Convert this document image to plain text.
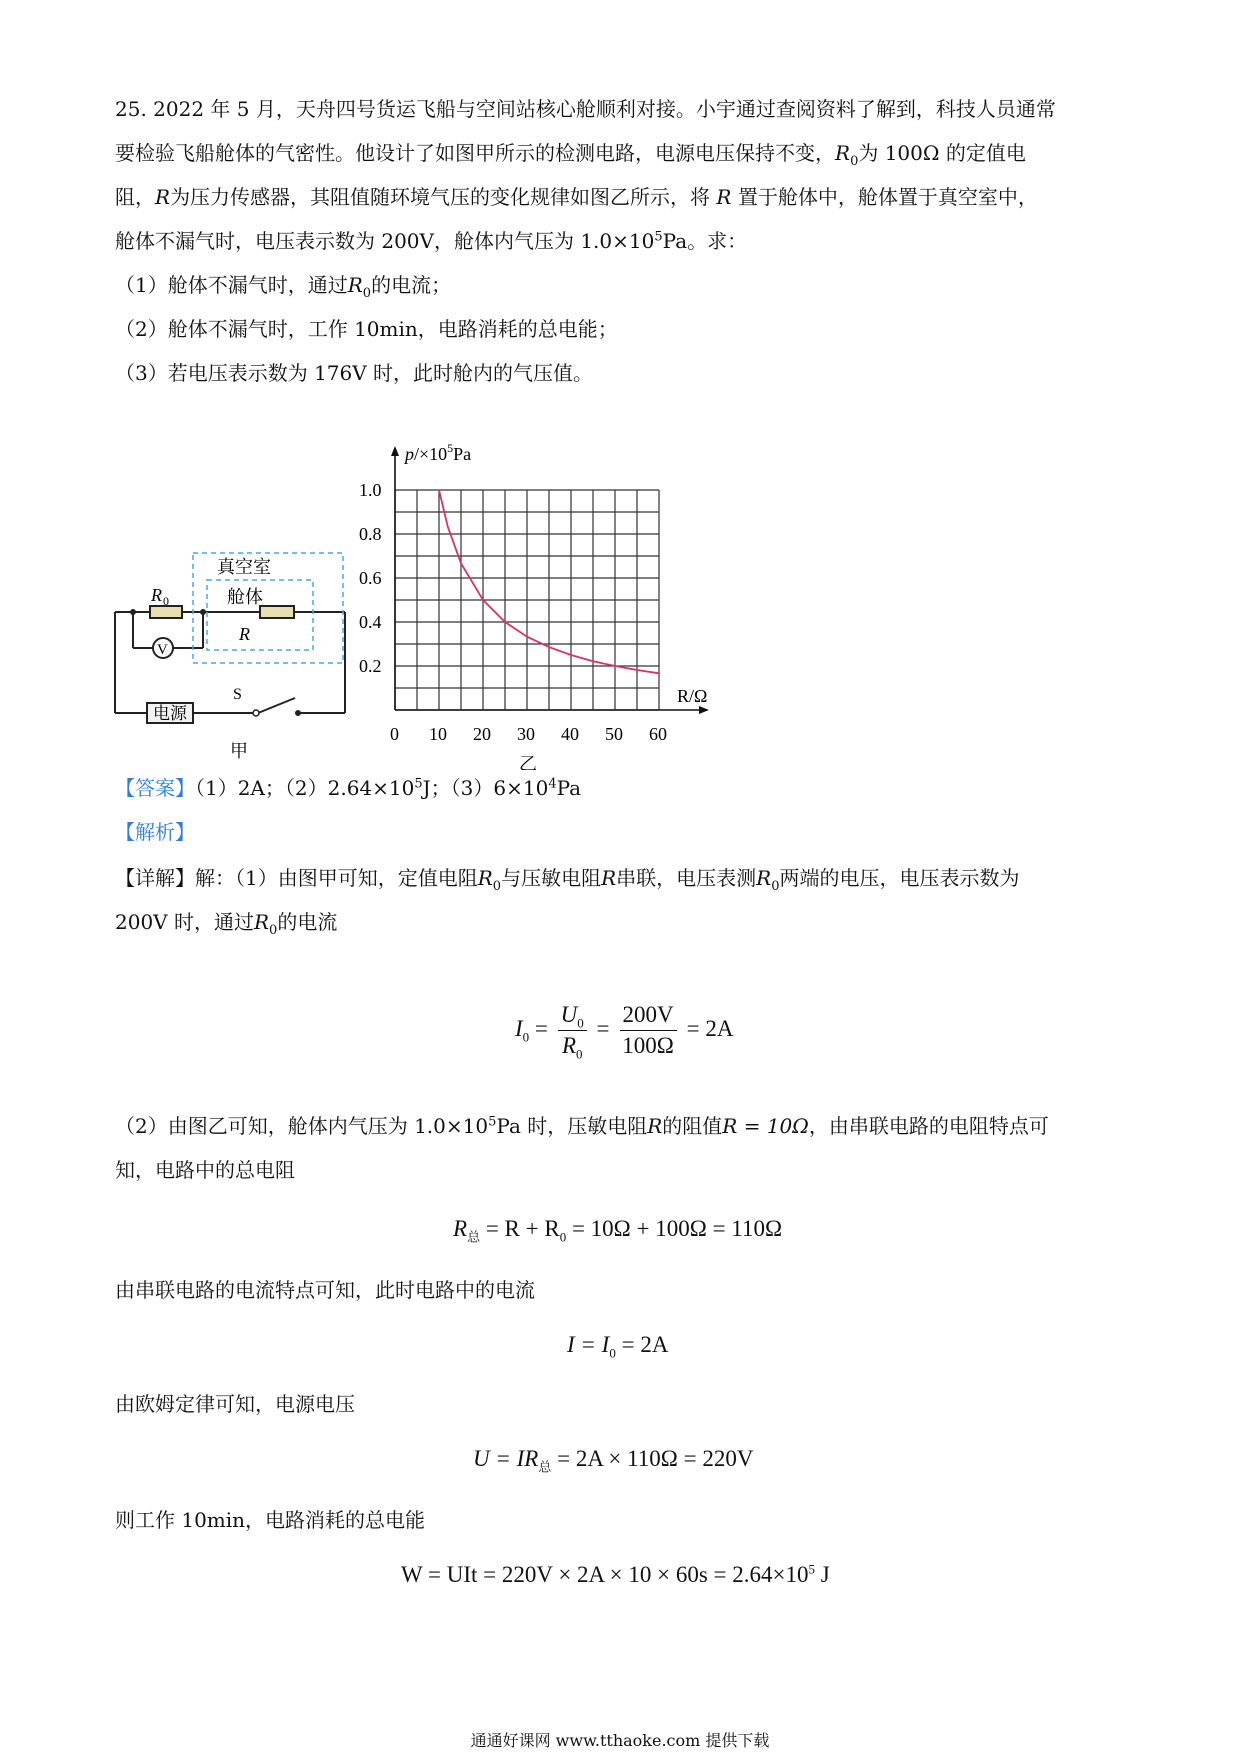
25. 2022 年 5 月，天舟四号货运飞船与空间站核心舱顺利对接。小宇通过查阅资料了解到，科技人员通常
要检验飞船舱体的气密性。他设计了如图甲所示的检测电路，电源电压保持不变，$R_0$为 100Ω 的定值电
阻，R为压力传感器，其阻值随环境气压的变化规律如图乙所示，将 R 置于舱体中，舱体置于真空室中，
舱体不漏气时，电压表示数为 200V，舱体内气压为 $1.0\times 10^5Pa$。求：
（1）舱体不漏气时，通过$R_0$的电流；
（2）舱体不漏气时，工作 10min，电路消耗的总电能；
（3）若电压表示数为 176V 时，此时舱内的气压值。
R 0
V
真空室
舱体
R
电源
S
甲
0 10 20 30 40 50 60
0.2
0.4
0.6
0.8
1.0
$p/\times 10^5Pa$
R/Ω
乙
【答案】（1）2A；$(2)2.64\times 10^5J$；$(3)6\times 10^4Pa$
【解析】
【详解】解：（1）由图甲可知，定值电阻$R_0$与压敏电阻R串联，电压表测$R_0$两端的电压，电压表示数为
200V 时，通过$R_0$的电流
$I_0 = \frac{U_0}{R_0} = \frac{200V}{100\Omega} = 2A$
（2）由图乙可知，舱体内气压为 $1.0\times 10^5Pa$ 时，压敏电阻R的阻值R = 10Ω，由串联电路的电阻特点可
知，电路中的总电阻
$R_总 = R + R_0 = 10\Omega + 100\Omega = 110\Omega$
由串联电路的电流特点可知，此时电路中的电流
$I = I_0 = 2A$
由欧姆定律可知，电源电压
$U = IR_总 = 2A \times 110\Omega = 220V$
则工作 10min，电路消耗的总电能
W = UIt = $220V \times 2A \times 10 \times 60s = 2.64\times 10^5$ J
通通好课网 www.tthaoke.com 提供下载
